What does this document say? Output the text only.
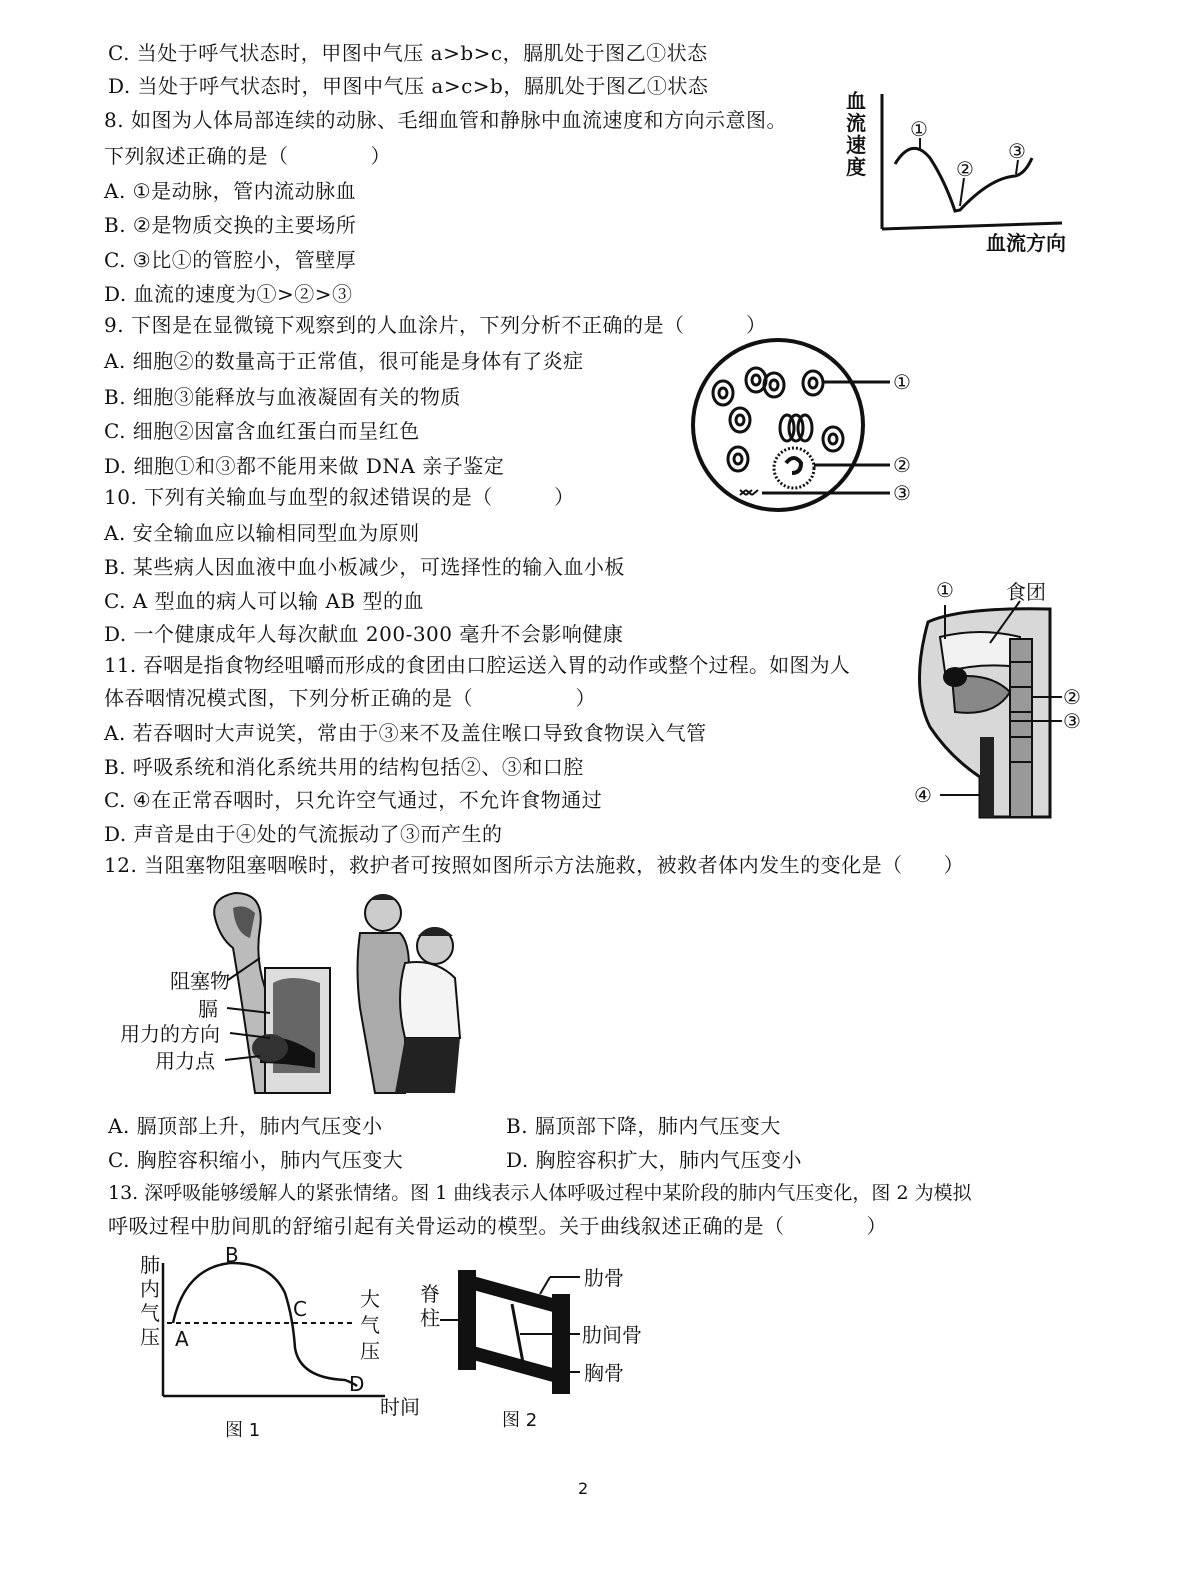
C. 当处于呼气状态时，甲图中气压 a>b>c，膈肌处于图乙①状态
D. 当处于呼气状态时，甲图中气压 a>c>b，膈肌处于图乙①状态
8. 如图为人体局部连续的动脉、毛细血管和静脉中血流速度和方向示意图。
下列叙述正确的是（　　　　）
A. ①是动脉，管内流动脉血
B. ②是物质交换的主要场所
C. ③比①的管腔小，管壁厚
D. 血流的速度为①>②>③
9. 下图是在显微镜下观察到的人血涂片，下列分析不正确的是（　　　）
A. 细胞②的数量高于正常值，很可能是身体有了炎症
B. 细胞③能释放与血液凝固有关的物质
C. 细胞②因富含血红蛋白而呈红色
D. 细胞①和③都不能用来做 DNA 亲子鉴定
10. 下列有关输血与血型的叙述错误的是（　　　）
A. 安全输血应以输相同型血为原则
B. 某些病人因血液中血小板减少，可选择性的输入血小板
C. A 型血的病人可以输 AB 型的血
D. 一个健康成年人每次献血 200-300 毫升不会影响健康
11. 吞咽是指食物经咀嚼而形成的食团由口腔运送入胃的动作或整个过程。如图为人
体吞咽情况模式图，下列分析正确的是（　　　　　）
A. 若吞咽时大声说笑，常由于③来不及盖住喉口导致食物误入气管
B. 呼吸系统和消化系统共用的结构包括②、③和口腔
C. ④在正常吞咽时，只允许空气通过，不允许食物通过
D. 声音是由于④处的气流振动了③而产生的
12. 当阻塞物阻塞咽喉时，救护者可按照如图所示方法施救，被救者体内发生的变化是（　　）
A. 膈顶部上升，肺内气压变小	B. 膈顶部下降，肺内气压变大
C. 胸腔容积缩小，肺内气压变大	D. 胸腔容积扩大，肺内气压变小
13. 深呼吸能够缓解人的紧张情绪。图 1 曲线表示人体呼吸过程中某阶段的肺内气压变化，图 2 为模拟
呼吸过程中肋间肌的舒缩引起有关骨运动的模型。关于曲线叙述正确的是（　　　　）
血流速度
血流方向
①
②
③
①
②
③
①	食团
②
③
④
阻塞物
膈
用力的方向
用力点
肺内气压 A
B
C
D
大气压
时间
图 1
脊柱
肋骨
肋间骨
胸骨
图 2
2
